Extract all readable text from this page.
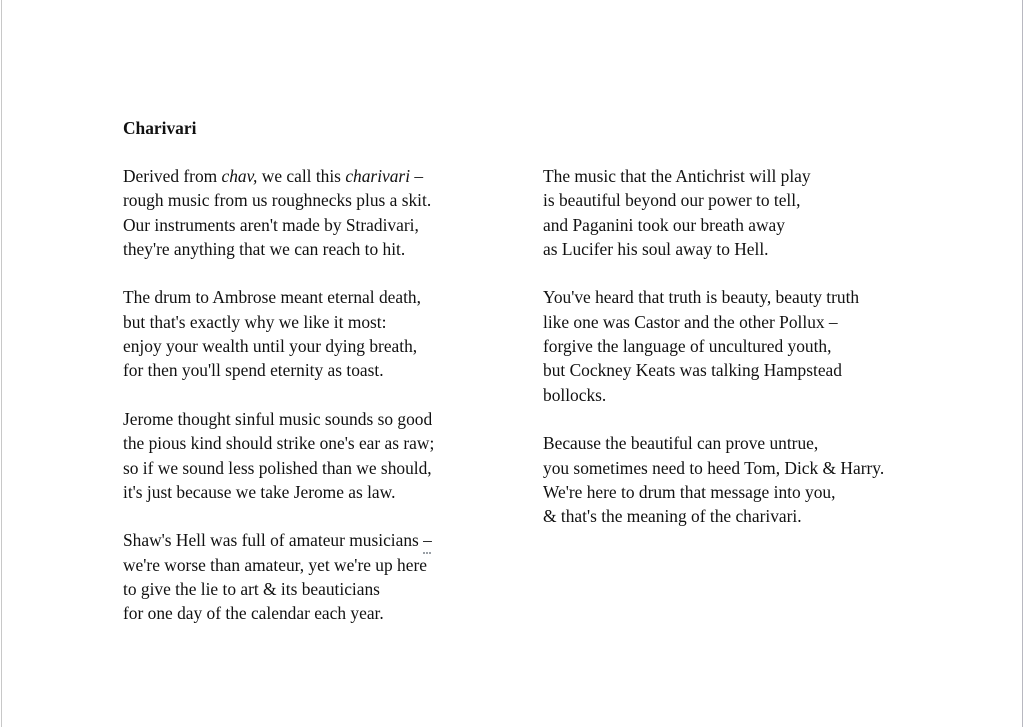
Charivari
Derived from chav, we call this charivari –
rough music from us roughnecks plus a skit.
Our instruments aren't made by Stradivari,
they're anything that we can reach to hit.
The drum to Ambrose meant eternal death,
but that's exactly why we like it most:
enjoy your wealth until your dying breath,
for then you'll spend eternity as toast.
Jerome thought sinful music sounds so good
the pious kind should strike one's ear as raw;
so if we sound less polished than we should,
it's just because we take Jerome as law.
Shaw's Hell was full of amateur musicians –
we're worse than amateur, yet we're up here
to give the lie to art & its beauticians
for one day of the calendar each year.
The music that the Antichrist will play
is beautiful beyond our power to tell,
and Paganini took our breath away
as Lucifer his soul away to Hell.
You've heard that truth is beauty, beauty truth
like one was Castor and the other Pollux –
forgive the language of uncultured youth,
but Cockney Keats was talking Hampstead
bollocks.
Because the beautiful can prove untrue,
you sometimes need to heed Tom, Dick & Harry.
We're here to drum that message into you,
& that's the meaning of the charivari.
